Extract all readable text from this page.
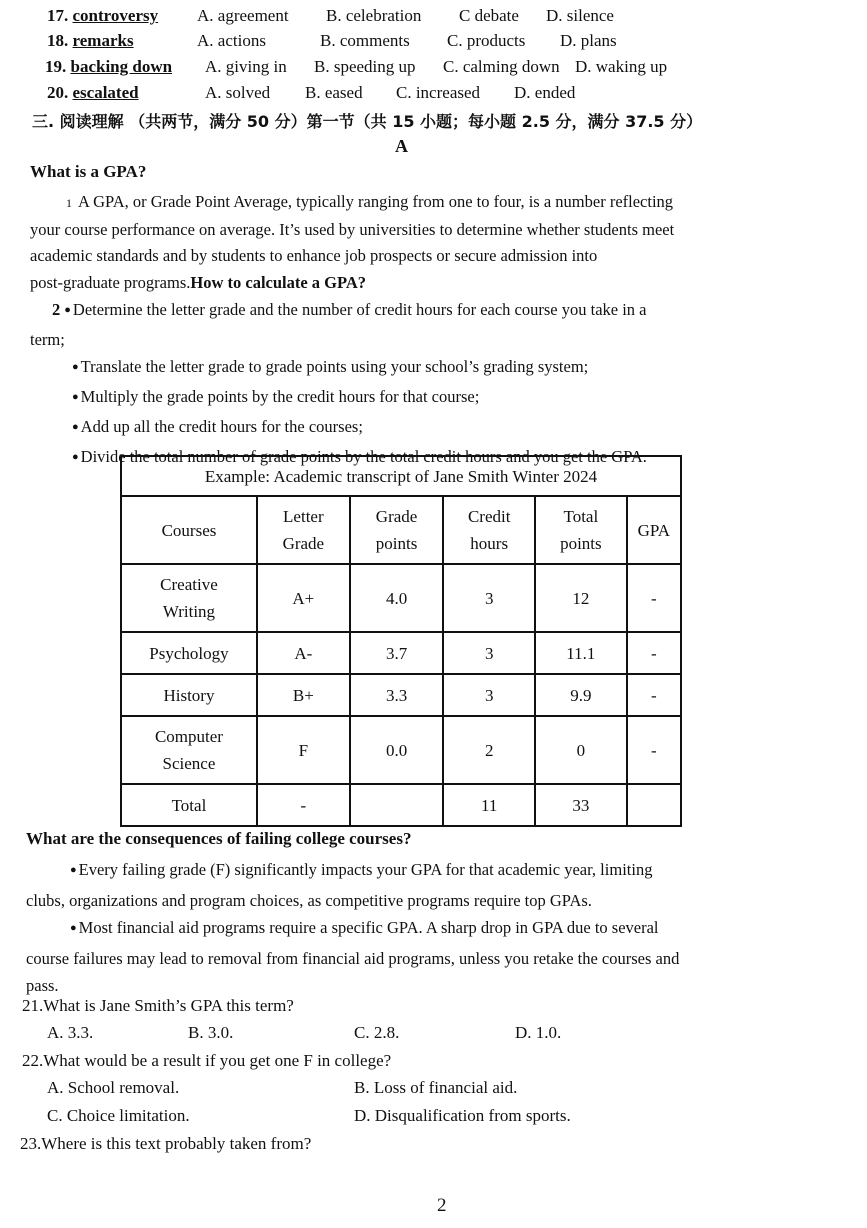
17. controversy A. agreement B. celebration C debate D. silence
18. remarks	A. actions	B. comments C. products D. plans
19. backing down A. giving in B. speeding up C. calming down D. waking up
20. escalated	A. solved B. eased C. increased D. ended
三. 阅读理解 （共两节，满分 50 分）第一节（共 15 小题；每小题 2.5 分，满分 37.5 分）
A
What is a GPA?
1 A GPA, or Grade Point Average, typically ranging from one to four, is a number reflecting
your course performance on average. It’s used by universities to determine whether students meet
academic standards and by students to enhance job prospects or secure admission into
post-graduate programs.How to calculate a GPA?
2 ● Determine the letter grade and the number of credit hours for each course you take in a
term;
● Translate the letter grade to grade points using your school’s grading system;
● Multiply the grade points by the credit hours for that course;
● Add up all the credit hours for the courses;
● Divide the total number of grade points by the total credit hours and you get the GPA.
Example: Academic transcript of Jane Smith Winter 2024					
Courses	Letter Grade	Grade points	Credit hours	Total points	GPA

Creative Writing	A+	4.0	3	12	-
Psychology	A-	3.7	3	11.1	-
History	B+	3.3	3	9.9	-

Computer Science	F	0.0	2	0	-
Total	-		11	33	
What are the consequences of failing college courses?
● Every failing grade (F) significantly impacts your GPA for that academic year, limiting
clubs, organizations and program choices, as competitive programs require top GPAs.
● Most financial aid programs require a specific GPA. A sharp drop in GPA due to several
course failures may lead to removal from financial aid programs, unless you retake the courses and
pass.
21.What is Jane Smith’s GPA this term?
A. 3.3.	B. 3.0.	C. 2.8.	D. 1.0.
22.What would be a result if you get one F in college?
A. School removal.	B. Loss of financial aid.
C. Choice limitation.	D. Disqualification from sports.
23.Where is this text probably taken from?
2
